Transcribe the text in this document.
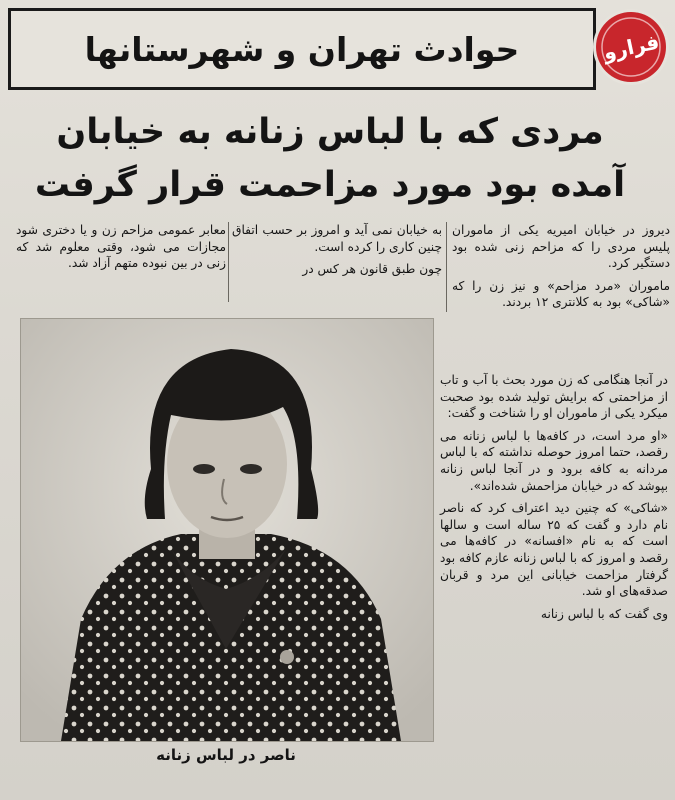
حوادث تهران و شهرستانها	فرارو
مردی که با لباس زنانه به خیابان
آمده بود مورد مزاحمت قرار گرفت

دیروز در خیابان امیریه یکی از ماموران پلیس مردی را که مزاحم زنی شده بود دستگیر کرد.

ماموران «مرد مزاحم» و نیز زن را که «شاکی» بود به کلانتری ۱۲ بردند.

به خیابان نمی آید و امروز بر حسب اتفاق چنین کاری را کرده است.

چون طبق قانون هر کس در

معابر عمومی مزاحم زن و یا دختری شود مجازات می شود، وقتی معلوم شد که زنی در بین نبوده متهم آزاد شد.

در آنجا هنگامی که زن مورد بحث با آب و تاب از مزاحمتی که برایش تولید شده بود صحبت میکرد یکی از ماموران او را شناخت و گفت:

«او مرد است، در کافه‌ها با لباس زنانه می رقصد، حتما امروز حوصله نداشته که با لباس مردانه به کافه برود و در آنجا لباس زنانه بپوشد که در خیابان مزاحمش شده‌اند».

«شاکی» که چنین دید اعتراف کرد که ناصر نام دارد و گفت که ۲۵ ساله است و سالها است که به نام «افسانه» در کافه‌ها می رقصد و امروز که با لباس زنانه عازم کافه بود گرفتار مزاحمت خیابانی این مرد و قربان صدقه‌های او شد.

وی گفت که با لباس زنانه

ناصر در لباس زنانه
